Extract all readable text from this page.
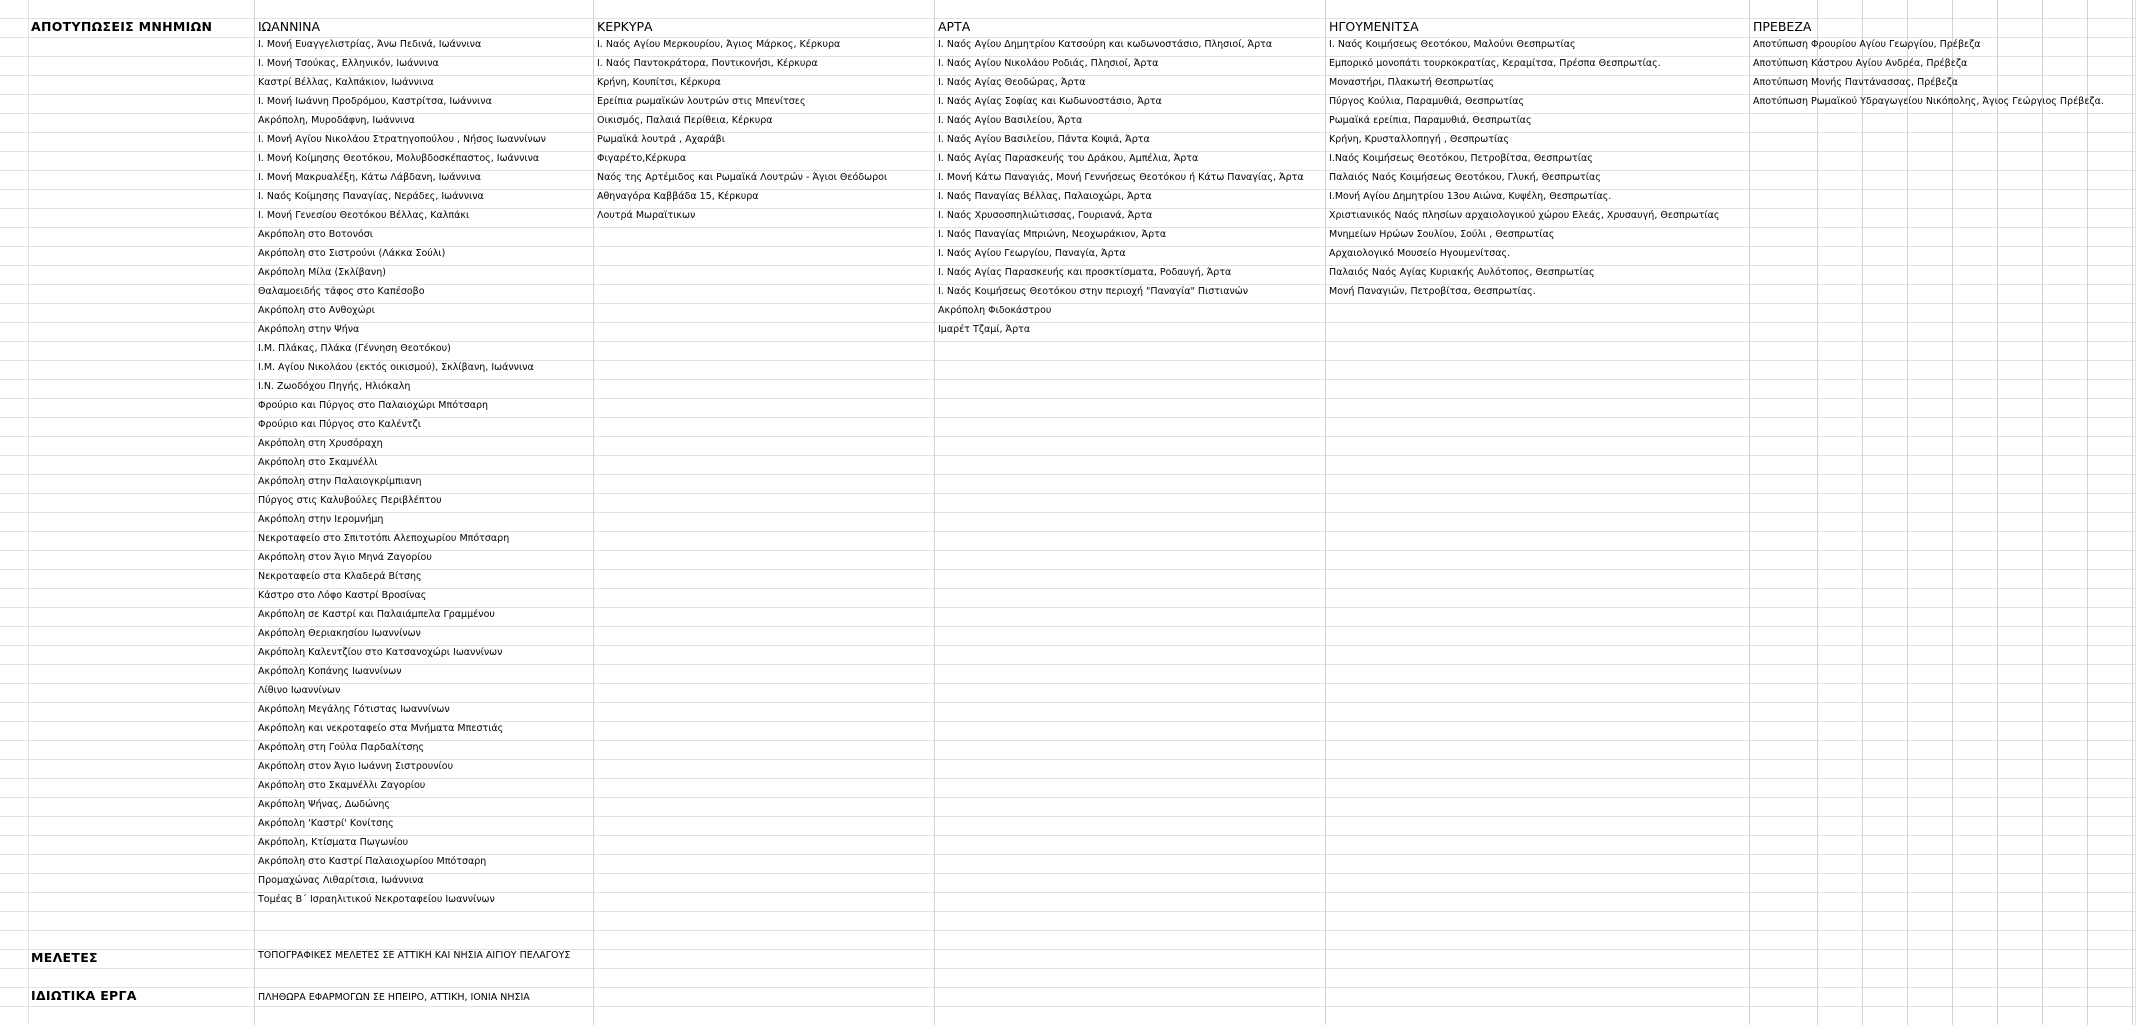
ΑΠΟΤΥΠΩΣΕΙΣ ΜΝΗΜΙΩΝ
ΜΕΛΕΤΕΣ
ΙΔΙΩΤΙΚΑ ΕΡΓΑ
ΤΟΠΟΓΡΑΦΙΚΕΣ ΜΕΛΕΤΕΣ ΣΕ ΑΤΤΙΚΗ ΚΑΙ ΝΗΣΙΑ ΑΙΓΙΟΥ ΠΕΛΑΓΟΥΣ
ΠΛΗΘΩΡΑ ΕΦΑΡΜΟΓΩΝ ΣΕ ΗΠΕΙΡΟ, ΑΤΤΙΚΗ, ΙΟΝΙΑ ΝΗΣΙΑ
ΙΩΑΝΝΙΝΑ
Ι. Μονή Ευαγγελιστρίας, Άνω Πεδινά, Ιωάννινα
Ι. Μονή Τσούκας, Ελληνικόν, Ιωάννινα
Καστρί Βέλλας, Καλπάκιον, Ιωάννινα
Ι. Μονή Ιωάννη Προδρόμου, Καστρίτσα, Ιωάννινα
Ακρόπολη, Μυροδάφνη, Ιωάννινα
Ι. Μονή Αγίου Νικολάου Στρατηγοπούλου , Νήσος Ιωαννίνων
Ι. Μονή Κοίμησης Θεοτόκου, Μολυβδοσκέπαστος, Ιωάννινα
Ι. Μονή Μακρυαλέξη, Κάτω Λάβδανη, Ιωάννινα
Ι. Ναός Κοίμησης Παναγίας, Νεράδες, Ιωάννινα
Ι. Μονή Γενεσίου Θεοτόκου Βέλλας, Καλπάκι
Ακρόπολη στο Βοτονόσι
Ακρόπολη στο Σιστρούνι (Λάκκα Σούλι)
Ακρόπολη Μίλα (Σκλίβανη)
Θαλαμοειδής τάφος στο Καπέσοβο
Ακρόπολη στο Ανθοχώρι
Ακρόπολη στην Ψήνα
Ι.Μ. Πλάκας, Πλάκα (Γέννηση Θεοτόκου)
Ι.Μ. Αγίου Νικολάου (εκτός οικισμού), Σκλίβανη, Ιωάννινα
Ι.Ν. Ζωοδόχου Πηγής, Ηλιόκαλη
Φρούριο και Πύργος στο Παλαιοχώρι Μπότσαρη
Φρούριο και Πύργος στο Καλέντζι
Ακρόπολη στη Χρυσόραχη
Ακρόπολη στο Σκαμνέλλι
Ακρόπολη στην Παλαιογκρίμπιανη
Πύργος στις Καλυβούλες Περιβλέπτου
Ακρόπολη στην Ιερομνήμη
Νεκροταφείο στο Σπιτοτόπι Αλεποχωρίου Μπότσαρη
Ακρόπολη στον Άγιο Μηνά Ζαγορίου
Νεκροταφείο στα Κλαδερά Βίτσης
Κάστρο στο Λόφο Καστρί Βροσίνας
Ακρόπολη σε Καστρί και Παλαιάμπελα Γραμμένου
Ακρόπολη Θεριακησίου Ιωαννίνων
Ακρόπολη Καλεντζίου στο Κατσανοχώρι Ιωαννίνων
Ακρόπολη Κοπάνης Ιωαννίνων
Λίθινο Ιωαννίνων
Ακρόπολη Μεγάλης Γότιστας Ιωαννίνων
Ακρόπολη και νεκροταφείο στα Μνήματα Μπεστιάς
Ακρόπολη στη Γούλα Παρδαλίτσης
Ακρόπολη στον Άγιο Ιωάννη Σιστρουνίου
Ακρόπολη στο Σκαμνέλλι Ζαγορίου
Ακρόπολη Ψήνας, Δωδώνης
Ακρόπολη 'Καστρί' Κονίτσης
Ακρόπολη, Κτίσματα Πωγωνίου
Ακρόπολη στο Καστρί Παλαιοχωρίου Μπότσαρη
Προμαχώνας Λιθαρίτσια, Ιωάννινα
Τομέας Β΄ Ισραηλιτικού Νεκροταφείου Ιωαννίνων
ΚΕΡΚΥΡΑ
Ι. Ναός Αγίου Μερκουρίου, Άγιος Μάρκος, Κέρκυρα
Ι. Ναός Παντοκράτορα, Ποντικονήσι, Κέρκυρα
Κρήνη, Κουπίτσι, Κέρκυρα
Ερείπια ρωμαϊκών λουτρών στις Μπενίτσες
Οικισμός, Παλαιά Περίθεια, Κέρκυρα
Ρωμαϊκά λουτρά , Αχαράβι
Φιγαρέτο,Κέρκυρα
Ναός της Αρτέμιδος και Ρωμαϊκά Λουτρών - Άγιοι Θεόδωροι
Αθηναγόρα Καββάδα 15, Κέρκυρα
Λουτρά Μωραϊτικων
ΑΡΤΑ
Ι. Ναός Αγίου Δημητρίου Κατσούρη και κωδωνοστάσιο, Πλησιοί, Άρτα
Ι. Ναός Αγίου Νικολάου Ροδιάς, Πλησιοί, Άρτα
Ι. Ναός Αγίας Θεοδώρας, Άρτα
Ι. Ναός Αγίας Σοφίας και Κωδωνοστάσιο, Άρτα
Ι. Ναός Αγίου Βασιλείου, Άρτα
Ι. Ναός Αγίου Βασιλείου, Πάντα Κοψιά, Άρτα
Ι. Ναός Αγίας Παρασκευής του Δράκου, Αμπέλια, Άρτα
Ι. Μονή Κάτω Παναγιάς, Μονή Γεννήσεως Θεοτόκου ή Κάτω Παναγίας, Άρτα
Ι. Ναός Παναγίας Βέλλας, Παλαιοχώρι, Άρτα
Ι. Ναός Χρυσοσπηλιώτισσας, Γουριανά, Άρτα
Ι. Ναός Παναγίας Μπριώνη, Νεοχωράκιον, Άρτα
Ι. Ναός Αγίου Γεωργίου, Παναγία, Άρτα
Ι. Ναός Αγίας Παρασκευής και προσκτίσματα, Ροδαυγή, Άρτα
Ι. Ναός Κοιμήσεως Θεοτόκου στην περιοχή "Παναγία" Πιστιανών
Ακρόπολη Φιδοκάστρου
Ιμαρέτ Τζαμί, Άρτα
ΗΓΟΥΜΕΝΙΤΣΑ
Ι. Ναός Κοιμήσεως Θεοτόκου, Μαλούνι Θεσπρωτίας
Εμπορικό μονοπάτι τουρκοκρατίας, Κεραμίτσα, Πρέσπα Θεσπρωτίας.
Μοναστήρι, Πλακωτή Θεσπρωτίας
Πύργος Κούλια, Παραμυθιά, Θεσπρωτίας
Ρωμαϊκά ερείπια, Παραμυθιά, Θεσπρωτίας
Κρήνη, Κρυσταλλοπηγή , Θεσπρωτίας
Ι.Ναός Κοιμήσεως Θεοτόκου, Πετροβίτσα, Θεσπρωτίας
Παλαιός Ναός Κοιμήσεως Θεοτόκου, Γλυκή, Θεσπρωτίας
Ι.Μονή Αγίου Δημητρίου 13ου Αιώνα, Κυψέλη, Θεσπρωτίας.
Χριστιανικός Ναός πλησίων αρχαιολογικού χώρου Ελεάς, Χρυσαυγή, Θεσπρωτίας
Μνημείων Ηρώων Σουλίου, Σούλι , Θεσπρωτίας
Αρχαιολογικό Μουσείο Ηγουμενίτσας.
Παλαιός Ναός Αγίας Κυριακής Αυλότοπος, Θεσπρωτίας
Μονή Παναγιών, Πετροβίτσα, Θεσπρωτίας.
ΠΡΕΒΕΖΑ
Αποτύπωση Φρουρίου Αγίου Γεωργίου, Πρέβεζα
Αποτύπωση Κάστρου Αγίου Ανδρέα, Πρέβεζα
Αποτύπωση Μονής Παντάνασσας, Πρέβεζα
Αποτύπωση Ρωμαϊκού Υδραγωγείου Νικόπολης, Άγιος Γεώργιος Πρέβεζα.
